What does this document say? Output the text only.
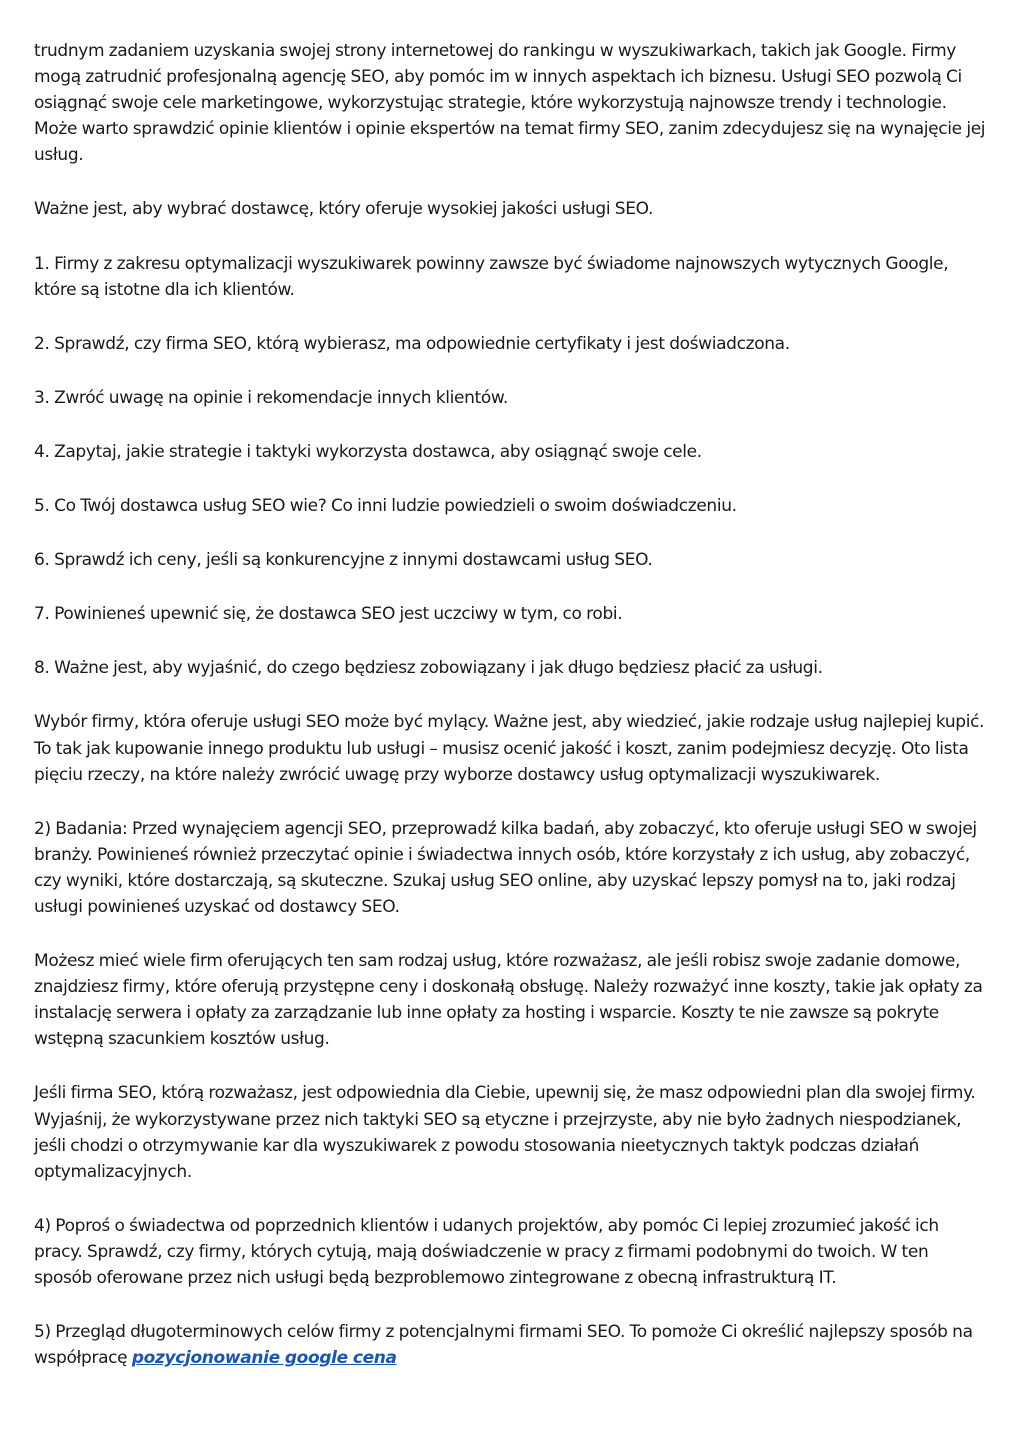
trudnym zadaniem uzyskania swojej strony internetowej do rankingu w wyszukiwarkach, takich jak Google. Firmy mogą zatrudnić profesjonalną agencję SEO, aby pomóc im w innych aspektach ich biznesu. Usługi SEO pozwolą Ci osiągnąć swoje cele marketingowe, wykorzystując strategie, które wykorzystują najnowsze trendy i technologie. Może warto sprawdzić opinie klientów i opinie ekspertów na temat firmy SEO, zanim zdecydujesz się na wynajęcie jej usług.

Ważne jest, aby wybrać dostawcę, który oferuje wysokiej jakości usługi SEO.

1. Firmy z zakresu optymalizacji wyszukiwarek powinny zawsze być świadome najnowszych wytycznych Google, które są istotne dla ich klientów.

2. Sprawdź, czy firma SEO, którą wybierasz, ma odpowiednie certyfikaty i jest doświadczona.

3. Zwróć uwagę na opinie i rekomendacje innych klientów.

4. Zapytaj, jakie strategie i taktyki wykorzysta dostawca, aby osiągnąć swoje cele.

5. Co Twój dostawca usług SEO wie? Co inni ludzie powiedzieli o swoim doświadczeniu.

6. Sprawdź ich ceny, jeśli są konkurencyjne z innymi dostawcami usług SEO.

7. Powinieneś upewnić się, że dostawca SEO jest uczciwy w tym, co robi.

8. Ważne jest, aby wyjaśnić, do czego będziesz zobowiązany i jak długo będziesz płacić za usługi.

Wybór firmy, która oferuje usługi SEO może być mylący. Ważne jest, aby wiedzieć, jakie rodzaje usług najlepiej kupić. To tak jak kupowanie innego produktu lub usługi – musisz ocenić jakość i koszt, zanim podejmiesz decyzję. Oto lista pięciu rzeczy, na które należy zwrócić uwagę przy wyborze dostawcy usług optymalizacji wyszukiwarek.

2) Badania: Przed wynajęciem agencji SEO, przeprowadź kilka badań, aby zobaczyć, kto oferuje usługi SEO w swojej branży. Powinieneś również przeczytać opinie i świadectwa innych osób, które korzystały z ich usług, aby zobaczyć, czy wyniki, które dostarczają, są skuteczne. Szukaj usług SEO online, aby uzyskać lepszy pomysł na to, jaki rodzaj usługi powinieneś uzyskać od dostawcy SEO.

Możesz mieć wiele firm oferujących ten sam rodzaj usług, które rozważasz, ale jeśli robisz swoje zadanie domowe, znajdziesz firmy, które oferują przystępne ceny i doskonałą obsługę. Należy rozważyć inne koszty, takie jak opłaty za instalację serwera i opłaty za zarządzanie lub inne opłaty za hosting i wsparcie. Koszty te nie zawsze są pokryte wstępną szacunkiem kosztów usług.

Jeśli firma SEO, którą rozważasz, jest odpowiednia dla Ciebie, upewnij się, że masz odpowiedni plan dla swojej firmy. Wyjaśnij, że wykorzystywane przez nich taktyki SEO są etyczne i przejrzyste, aby nie było żadnych niespodzianek, jeśli chodzi o otrzymywanie kar dla wyszukiwarek z powodu stosowania nieetycznych taktyk podczas działań optymalizacyjnych.

4) Poproś o świadectwa od poprzednich klientów i udanych projektów, aby pomóc Ci lepiej zrozumieć jakość ich pracy. Sprawdź, czy firmy, których cytują, mają doświadczenie w pracy z firmami podobnymi do twoich. W ten sposób oferowane przez nich usługi będą bezproblemowo zintegrowane z obecną infrastrukturą IT.

5) Przegląd długoterminowych celów firmy z potencjalnymi firmami SEO. To pomoże Ci określić najlepszy sposób na współpracę pozycjonowanie google cena
